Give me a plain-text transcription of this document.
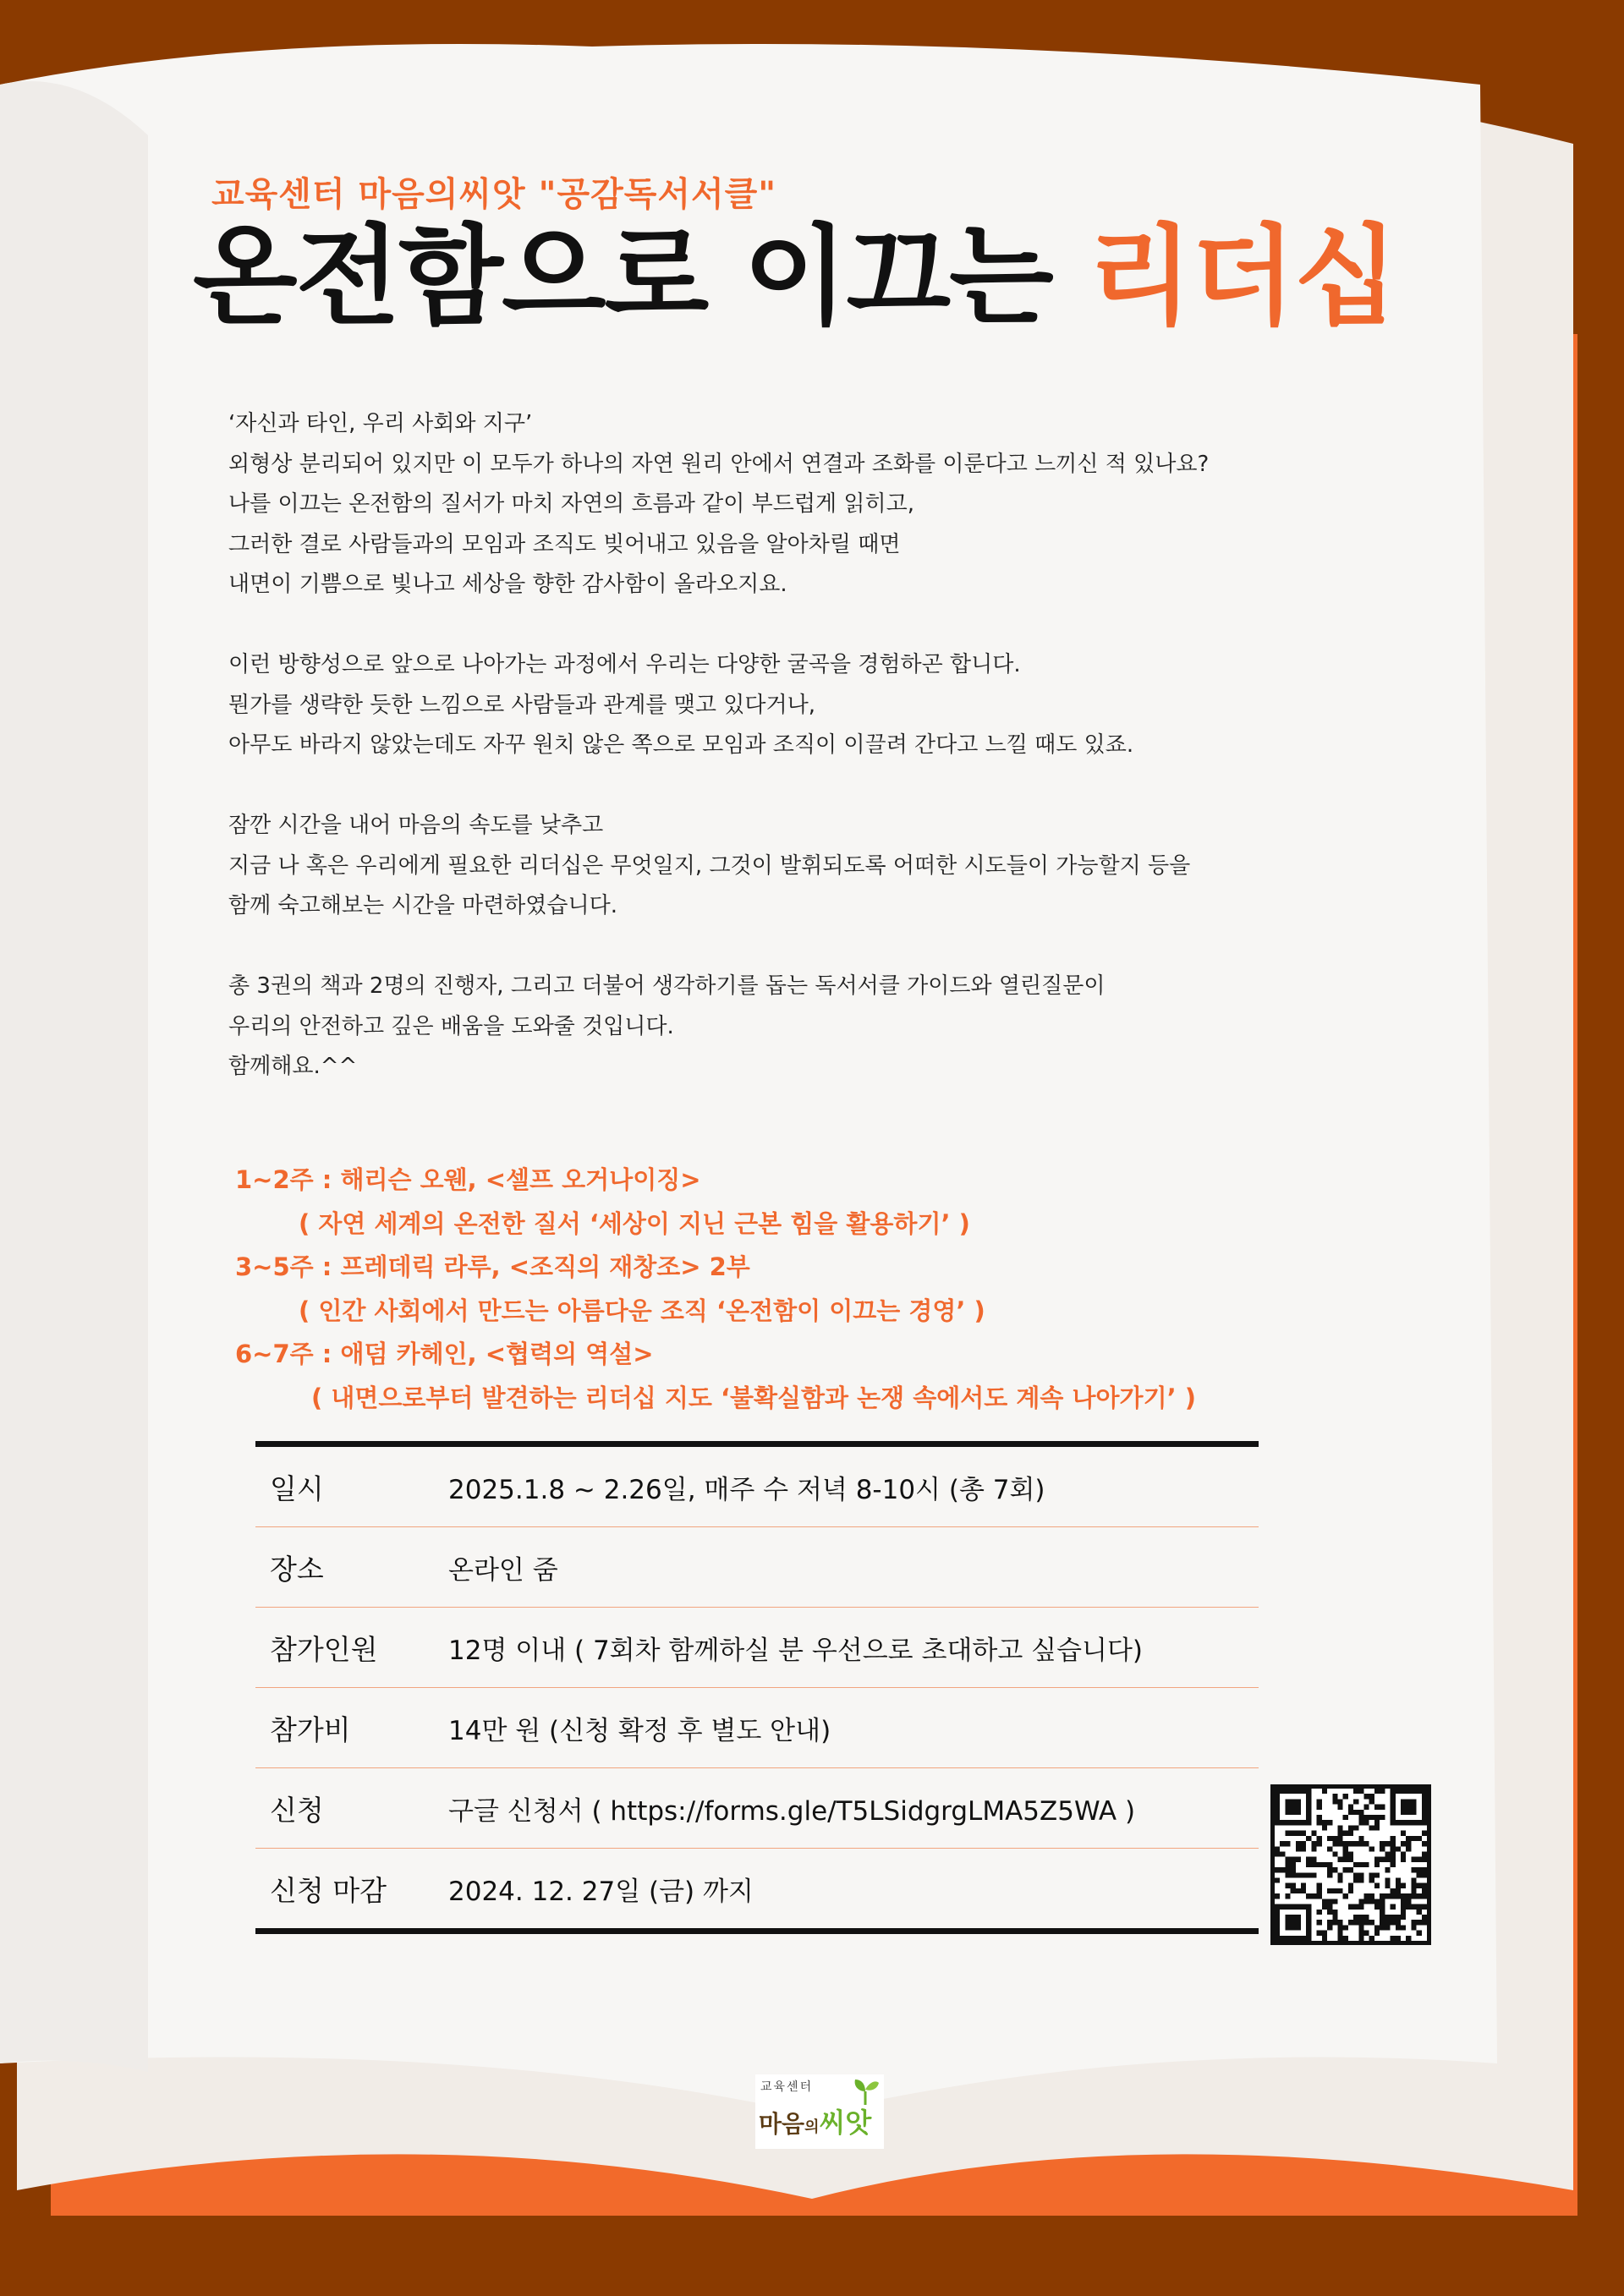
교육센터 마음의씨앗 "공감독서서클"
온전함으로 이끄는 리더십
‘자신과 타인, 우리 사회와 지구’
외형상 분리되어 있지만 이 모두가 하나의 자연 원리 안에서 연결과 조화를 이룬다고 느끼신 적 있나요?
나를 이끄는 온전함의 질서가 마치 자연의 흐름과 같이 부드럽게 읽히고,
그러한 결로 사람들과의 모임과 조직도 빚어내고 있음을 알아차릴 때면
내면이 기쁨으로 빛나고 세상을 향한 감사함이 올라오지요.
이런 방향성으로 앞으로 나아가는 과정에서 우리는 다양한 굴곡을 경험하곤 합니다.
뭔가를 생략한 듯한 느낌으로 사람들과 관계를 맺고 있다거나,
아무도 바라지 않았는데도 자꾸 원치 않은 쪽으로 모임과 조직이 이끌려 간다고 느낄 때도 있죠.
잠깐 시간을 내어 마음의 속도를 낮추고
지금 나 혹은 우리에게 필요한 리더십은 무엇일지, 그것이 발휘되도록 어떠한 시도들이 가능할지 등을
함께 숙고해보는 시간을 마련하였습니다.
총 3권의 책과 2명의 진행자, 그리고 더불어 생각하기를 돕는 독서서클 가이드와 열린질문이
우리의 안전하고 깊은 배움을 도와줄 것입니다.
함께해요.^^
1~2주 : 해리슨 오웬, <셀프 오거나이징>
( 자연 세계의 온전한 질서 ‘세상이 지닌 근본 힘을 활용하기’ )
3~5주 : 프레데릭 라루, <조직의 재창조> 2부
( 인간 사회에서 만드는 아름다운 조직 ‘온전함이 이끄는 경영’ )
6~7주 : 애덤 카헤인, <협력의 역설>
( 내면으로부터 발견하는 리더십 지도 ‘불확실함과 논쟁 속에서도 계속 나아가기’ )
일시	2025.1.8 ~ 2.26일, 매주 수 저녁 8-10시 (총 7회)
장소	온라인 줌
참가인원	12명 이내 ( 7회차 함께하실 분 우선으로 초대하고 싶습니다)
참가비	14만 원 (신청 확정 후 별도 안내)
신청	구글 신청서 ( https://forms.gle/T5LSidgrgLMA5Z5WA )
신청 마감	2024. 12. 27일 (금) 까지
교육센터
마음의씨앗
